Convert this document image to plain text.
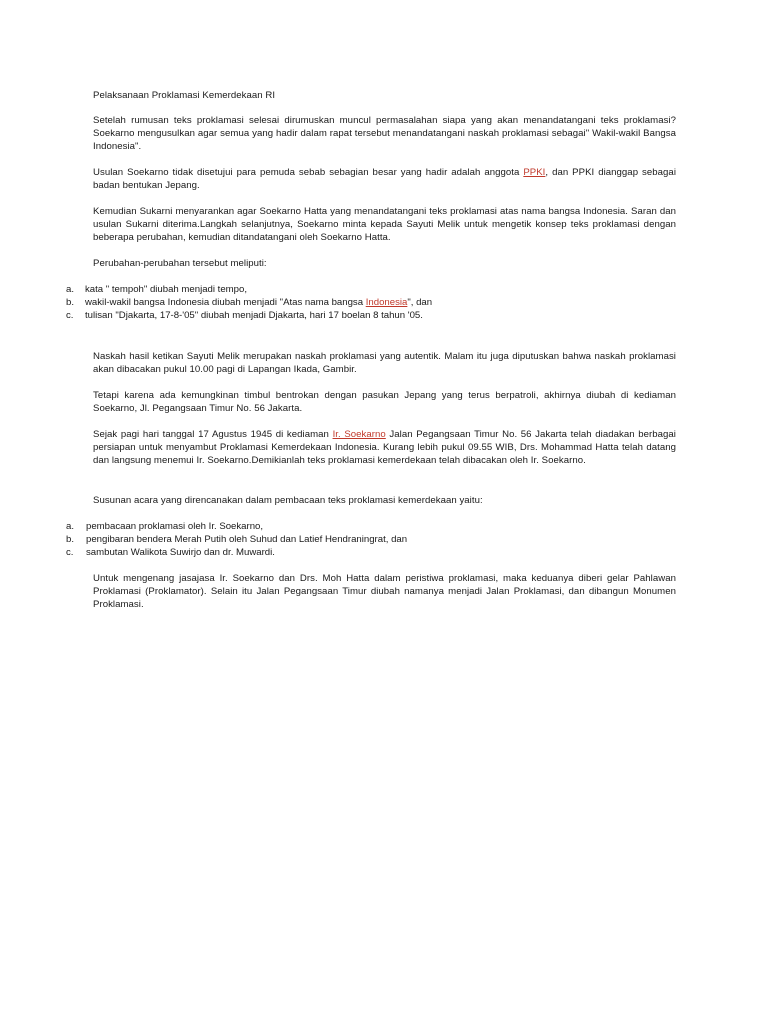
Pelaksanaan Proklamasi Kemerdekaan RI

Setelah rumusan teks proklamasi selesai dirumuskan muncul permasalahan siapa yang akan menandatangani teks proklamasi? Soekarno mengusulkan agar semua yang hadir dalam rapat tersebut menandatangani naskah proklamasi sebagai" Wakil-wakil Bangsa Indonesia".

Usulan Soekarno tidak disetujui para pemuda sebab sebagian besar yang hadir adalah anggota PPKI, dan PPKI dianggap sebagai badan bentukan Jepang.

Kemudian Sukarni menyarankan agar Soekarno Hatta yang menandatangani teks proklamasi atas nama bangsa Indonesia. Saran dan usulan Sukarni diterima.Langkah selanjutnya, Soekarno minta kepada Sayuti Melik untuk mengetik konsep teks proklamasi dengan beberapa perubahan, kemudian ditandatangani oleh Soekarno Hatta.

Perubahan-perubahan tersebut meliputi:

a. kata " tempoh" diubah menjadi tempo,
b. wakil-wakil bangsa Indonesia diubah menjadi "Atas nama bangsa Indonesia", dan
c. tulisan "Djakarta, 17-8-'05" diubah menjadi Djakarta, hari 17 boelan 8 tahun '05.

Naskah hasil ketikan Sayuti Melik merupakan naskah proklamasi yang autentik. Malam itu juga diputuskan bahwa naskah proklamasi akan dibacakan pukul 10.00 pagi di Lapangan Ikada, Gambir.

Tetapi karena ada kemungkinan timbul bentrokan dengan pasukan Jepang yang terus berpatroli, akhirnya diubah di kediaman Soekarno, Jl. Pegangsaan Timur No. 56 Jakarta.

Sejak pagi hari tanggal 17 Agustus 1945 di kediaman Ir. Soekarno Jalan Pegangsaan Timur No. 56 Jakarta telah diadakan berbagai persiapan untuk menyambut Proklamasi Kemerdekaan Indonesia. Kurang lebih pukul 09.55 WIB, Drs. Mohammad Hatta telah datang dan langsung menemui Ir. Soekarno.Demikianlah teks proklamasi kemerdekaan telah dibacakan oleh Ir. Soekarno.

Susunan acara yang direncanakan dalam pembacaan teks proklamasi kemerdekaan yaitu:

a. pembacaan proklamasi oleh Ir. Soekarno,
b. pengibaran bendera Merah Putih oleh Suhud dan Latief Hendraningrat, dan
c. sambutan Walikota Suwirjo dan dr. Muwardi.

Untuk mengenang jasajasa Ir. Soekarno dan Drs. Moh Hatta dalam peristiwa proklamasi, maka keduanya diberi gelar Pahlawan Proklamasi (Proklamator). Selain itu Jalan Pegangsaan Timur diubah namanya menjadi Jalan Proklamasi, dan dibangun Monumen Proklamasi.
